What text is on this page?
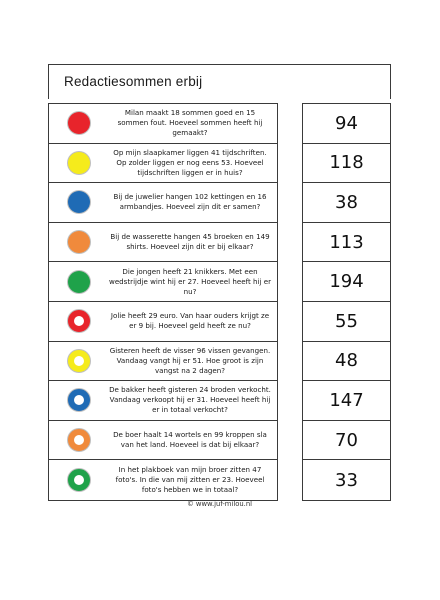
Redactiesommen erbij
Milan maakt 18 sommen goed en 15 sommen fout. Hoeveel sommen heeft hij gemaakt?
Op mijn slaapkamer liggen 41 tijdschriften. Op zolder liggen er nog eens 53. Hoeveel tijdschriften liggen er in huis?
Bij de juwelier hangen 102 kettingen en 16 armbandjes. Hoeveel zijn dit er samen?
Bij de wasserette hangen 45 broeken en 149 shirts. Hoeveel zijn dit er bij elkaar?
Die jongen heeft 21 knikkers. Met een wedstrijdje wint hij er 27. Hoeveel heeft hij er nu?
Jolie heeft 29 euro. Van haar ouders krijgt ze er 9 bij. Hoeveel geld heeft ze nu?
Gisteren heeft de visser 96 vissen gevangen. Vandaag vangt hij er 51. Hoe groot is zijn vangst na 2 dagen?
De bakker heeft gisteren 24 broden verkocht. Vandaag verkoopt hij er 31. Hoeveel heeft hij er in totaal verkocht?
De boer haalt 14 wortels en 99 kroppen sla van het land. Hoeveel is dat bij elkaar?
In het plakboek van mijn broer zitten 47 foto's. In die van mij zitten er 23. Hoeveel foto's hebben we in totaal?
94
118
38
113
194
55
48
147
70
33
© www.juf-milou.nl
